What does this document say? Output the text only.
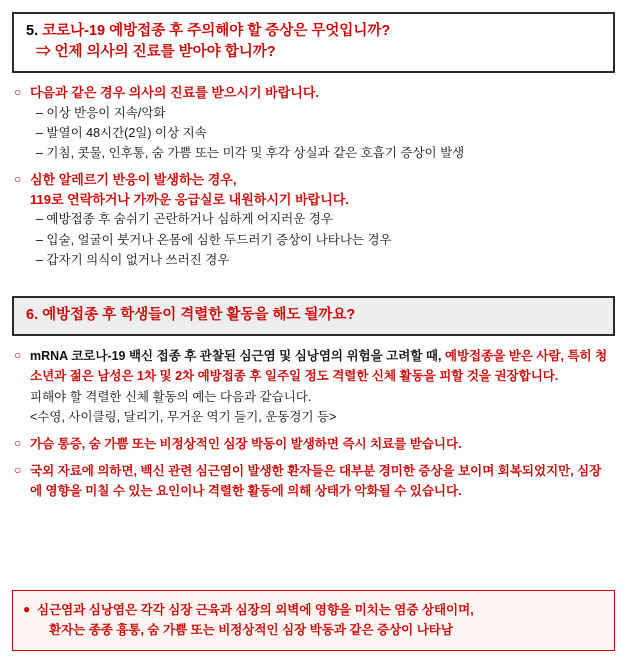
5. 코로나-19 예방접종 후 주의해야 할 증상은 무엇입니까?
⇒ 언제 의사의 진료를 받아야 합니까?
○
다음과 같은 경우 의사의 진료를 받으시기 바랍니다.
– 이상 반응이 지속/악화
– 발열이 48시간(2일) 이상 지속
– 기침, 콧물, 인후통, 숨 가쁨 또는 미각 및 후각 상실과 같은 호흡기 증상이 발생
○
심한 알레르기 반응이 발생하는 경우,
119로 연락하거나 가까운 응급실로 내원하시기 바랍니다.
– 예방접종 후 숨쉬기 곤란하거나 심하게 어지러운 경우
– 입술, 얼굴이 붓거나 온몸에 심한 두드러기 증상이 나타나는 경우
– 갑자기 의식이 없거나 쓰러진 경우
6. 예방접종 후 학생들이 격렬한 활동을 해도 될까요?
○
mRNA 코로나-19 백신 접종 후 관찰된 심근염 및 심낭염의 위험을 고려할 때, 예방접종을 받은 사람, 특히 청소년과 젊은 남성은 1차 및 2차 예방접종 후 일주일 정도 격렬한 신체 활동을 피할 것을 권장합니다.
피해야 할 격렬한 신체 활동의 예는 다음과 같습니다.
<수영, 사이클링, 달리기, 무거운 역기 들기, 운동경기 등>
○
가슴 통증, 숨 가쁨 또는 비정상적인 심장 박동이 발생하면 즉시 치료를 받습니다.
○
국외 자료에 의하면, 백신 관련 심근염이 발생한 환자들은 대부분 경미한 증상을 보이며 회복되었지만, 심장에 영향을 미칠 수 있는 요인이나 격렬한 활동에 의해 상태가 악화될 수 있습니다.
●
심근염과 심낭염은 각각 심장 근육과 심장의 외벽에 영향을 미치는 염증 상태이며,
환자는 종종 흉통, 숨 가쁨 또는 비정상적인 심장 박동과 같은 증상이 나타남
